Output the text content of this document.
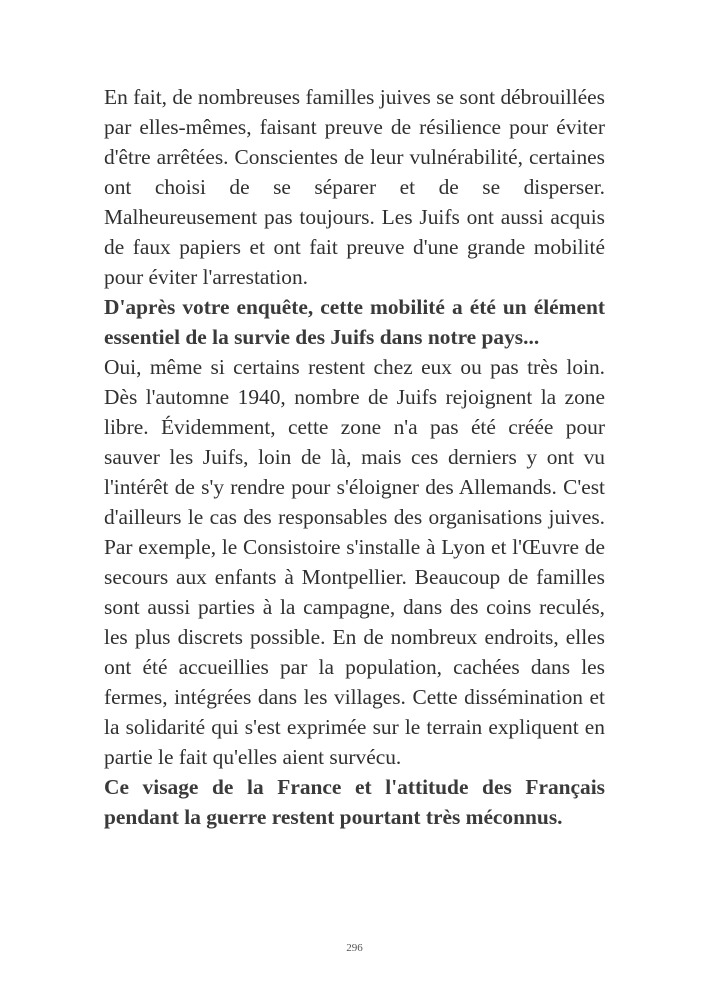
En fait, de nombreuses familles juives se sont débrouillées par elles-mêmes, faisant preuve de résilience pour éviter d'être arrêtées. Conscientes de leur vulnérabilité, certaines ont choisi de se séparer et de se disperser. Malheureusement pas toujours. Les Juifs ont aussi acquis de faux papiers et ont fait preuve d'une grande mobilité pour éviter l'arrestation.

D'après votre enquête, cette mobilité a été un élément essentiel de la survie des Juifs dans notre pays...

Oui, même si certains restent chez eux ou pas très loin. Dès l'automne 1940, nombre de Juifs rejoignent la zone libre. Évidemment, cette zone n'a pas été créée pour sauver les Juifs, loin de là, mais ces derniers y ont vu l'intérêt de s'y rendre pour s'éloigner des Allemands. C'est d'ailleurs le cas des responsables des organisations juives. Par exemple, le Consistoire s'installe à Lyon et l'Œuvre de secours aux enfants à Montpellier. Beaucoup de familles sont aussi parties à la campagne, dans des coins reculés, les plus discrets possible. En de nombreux endroits, elles ont été accueillies par la population, cachées dans les fermes, intégrées dans les villages. Cette dissémination et la solidarité qui s'est exprimée sur le terrain expliquent en partie le fait qu'elles aient survécu.

Ce visage de la France et l'attitude des Français pendant la guerre restent pourtant très méconnus.

296
